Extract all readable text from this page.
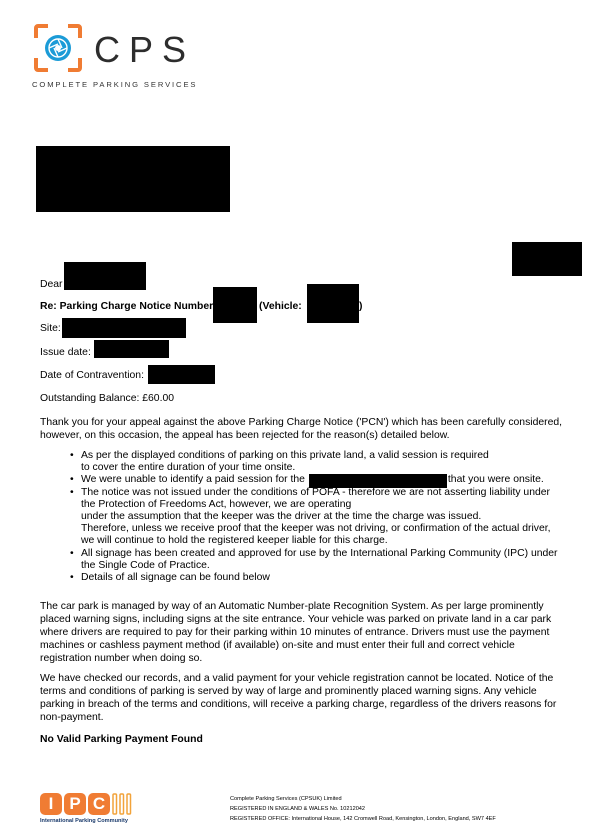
CPS
COMPLETE PARKING SERVICES
Dear
Re: Parking Charge Notice Number	(Vehicle:	)
Site:
Issue date:
Date of Contravention:
Outstanding Balance: £60.00
Thank you for your appeal against the above Parking Charge Notice ('PCN') which has been carefully considered, however, on this occasion, the appeal has been rejected for the reason(s) detailed below.
• As per the displayed conditions of parking on this private land, a valid session is required
to cover the entire duration of your time onsite.
• We were unable to identify a paid session for the	that you were onsite.
• The notice was not issued under the conditions of POFA - therefore we are not asserting liability under
the Protection of Freedoms Act, however, we are operating
under the assumption that the keeper was the driver at the time the charge was issued.
Therefore, unless we receive proof that the keeper was not driving, or confirmation of the actual driver,
we will continue to hold the registered keeper liable for this charge.
• All signage has been created and approved for use by the International Parking Community (IPC) under
the Single Code of Practice.
• Details of all signage can be found below
The car park is managed by way of an Automatic Number-plate Recognition System. As per large prominently placed warning signs, including signs at the site entrance. Your vehicle was parked on private land in a car park where drivers are required to pay for their parking within 10 minutes of entrance. Drivers must use the payment machines or cashless payment method (if available) on-site and must enter their full and correct vehicle registration number when doing so.
We have checked our records, and a valid payment for your vehicle registration cannot be located. Notice of the terms and conditions of parking is served by way of large and prominently placed warning signs. Any vehicle parking in breach of the terms and conditions, will receive a parking charge, regardless of the drivers reasons for non-payment.
No Valid Parking Payment Found
I P C
International Parking Community
Complete Parking Services (CPSUK) Limited
REGISTERED IN ENGLAND & WALES No. 10212042
REGISTERED OFFICE: International House, 142 Cromwell Road, Kensington, London, England, SW7 4EF
